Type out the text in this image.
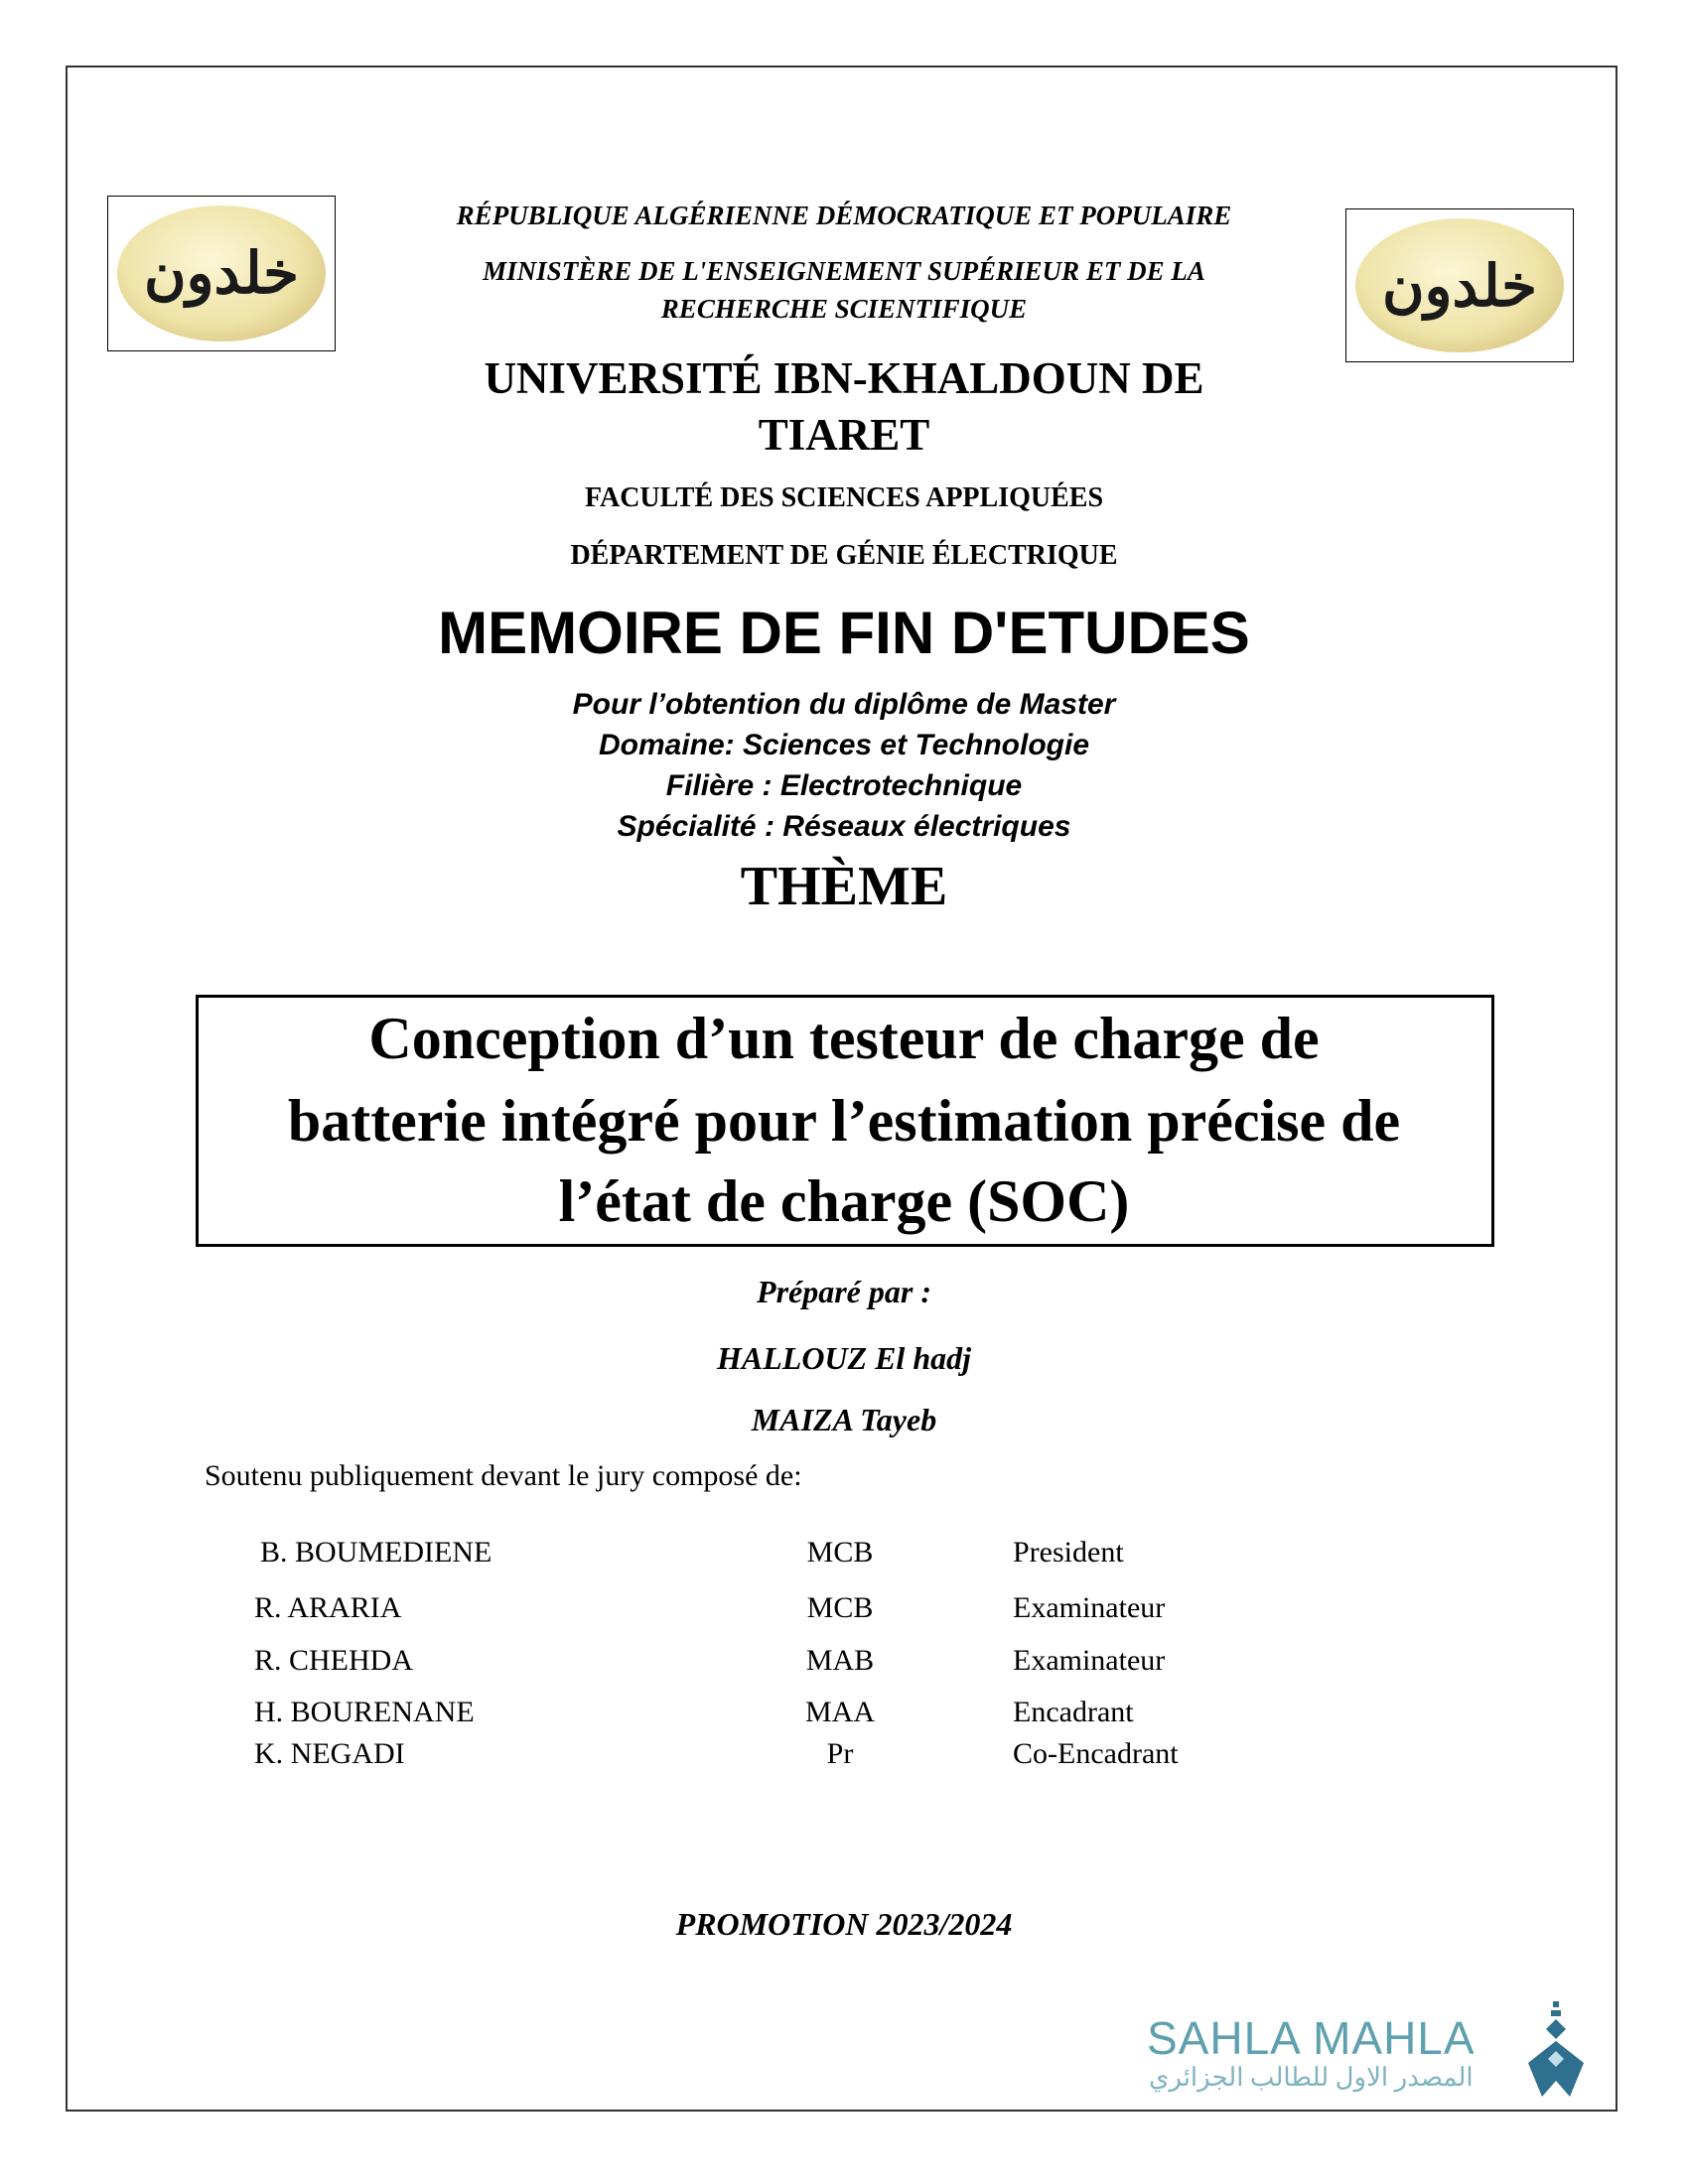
خلدون	خلدون
RÉPUBLIQUE ALGÉRIENNE DÉMOCRATIQUE ET POPULAIRE
MINISTÈRE DE L'ENSEIGNEMENT SUPÉRIEUR ET DE LA
RECHERCHE SCIENTIFIQUE
UNIVERSITÉ IBN-KHALDOUN DE
TIARET
FACULTÉ DES SCIENCES APPLIQUÉES
DÉPARTEMENT DE GÉNIE ÉLECTRIQUE
MEMOIRE DE FIN D'ETUDES
Pour l’obtention du diplôme de Master
Domaine: Sciences et Technologie
Filière : Electrotechnique
Spécialité : Réseaux électriques
THÈME
Conception d’un testeur de charge de
batterie intégré pour l’estimation précise de
l’état de charge (SOC)
Préparé par :
HALLOUZ El hadj
MAIZA Tayeb
Soutenu publiquement devant le jury composé de:
B. BOUMEDIENE	MCB	President
R. ARARIA	MCB	Examinateur
R. CHEHDA	MAB	Examinateur
H. BOURENANE	MAA	Encadrant
K. NEGADI	Pr	Co-Encadrant
PROMOTION 2023/2024
SAHLA MAHLA
المصدر الاول للطالب الجزائري
